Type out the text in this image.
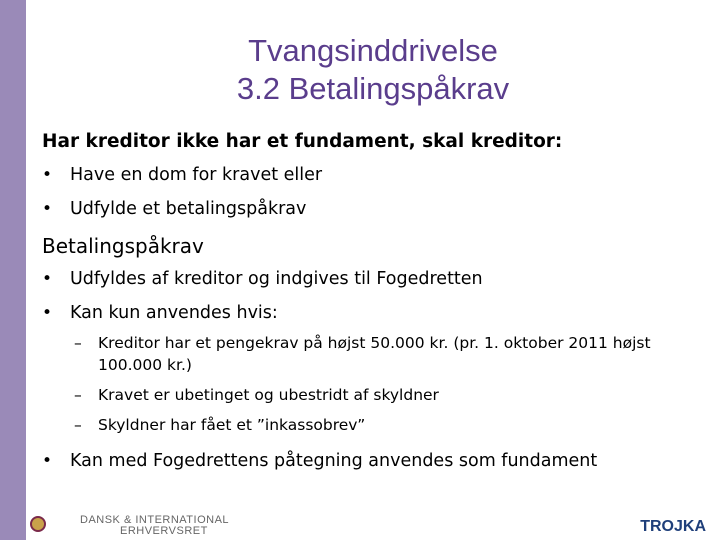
Tvangsinddrivelse
3.2 Betalingspåkrav
Har kreditor ikke har et fundament, skal kreditor:
• Have en dom for kravet eller
• Udfylde et betalingspåkrav
Betalingspåkrav
• Udfyldes af kreditor og indgives til Fogedretten
• Kan kun anvendes hvis:
– Kreditor har et pengekrav på højst 50.000 kr. (pr. 1. oktober 2011 højst 100.000 kr.)
– Kravet er ubetinget og ubestridt af skyldner
– Skyldner har fået et ”inkassobrev”
• Kan med Fogedrettens påtegning anvendes som fundament
DANSK & INTERNATIONAL
ERHVERVSRET	TROJKA
